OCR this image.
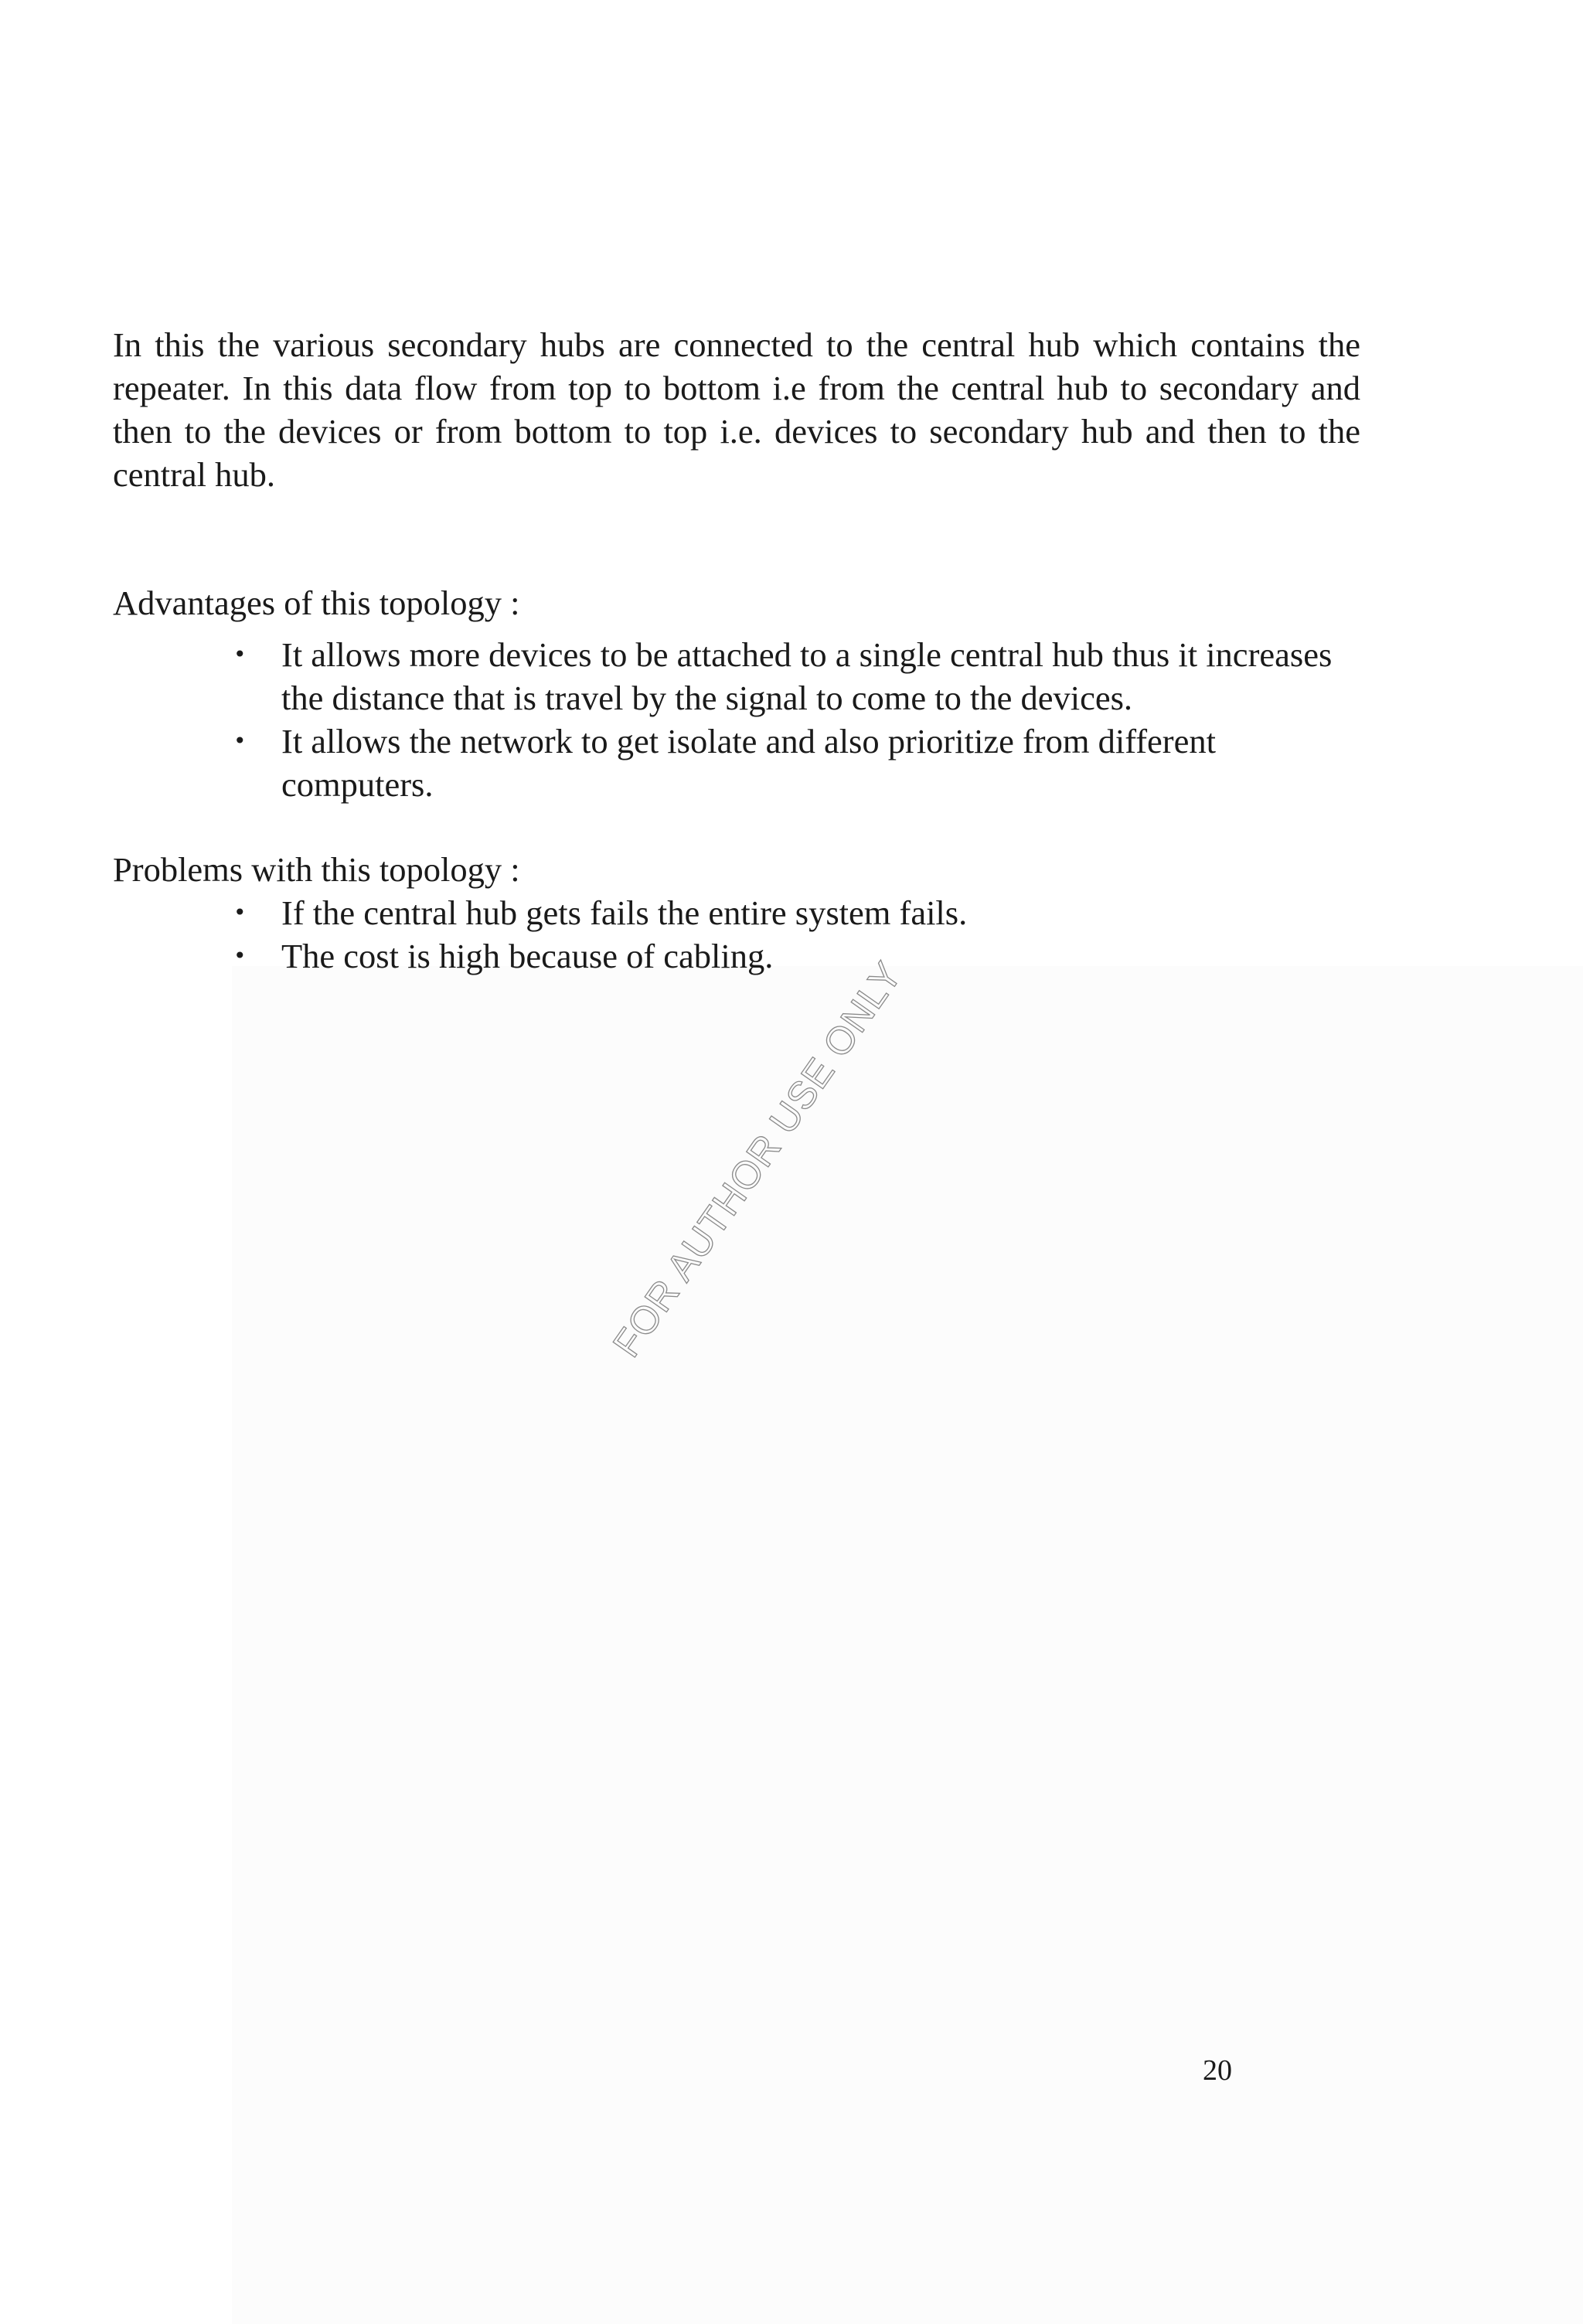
In this the various secondary hubs are connected to the central hub which contains the repeater. In this data flow from top to bottom i.e from the central hub to secondary and then to the devices or from bottom to top i.e. devices to secondary hub and then to the central hub.

Advantages of this topology :

• It allows more devices to be attached to a single central hub thus it increases the distance that is travel by the signal to come to the devices.
• It allows the network to get isolate and also prioritize from different computers.

Problems with this topology :

• If the central hub gets fails the entire system fails.
• The cost is high because of cabling.
FOR AUTHOR USE ONLY
20
